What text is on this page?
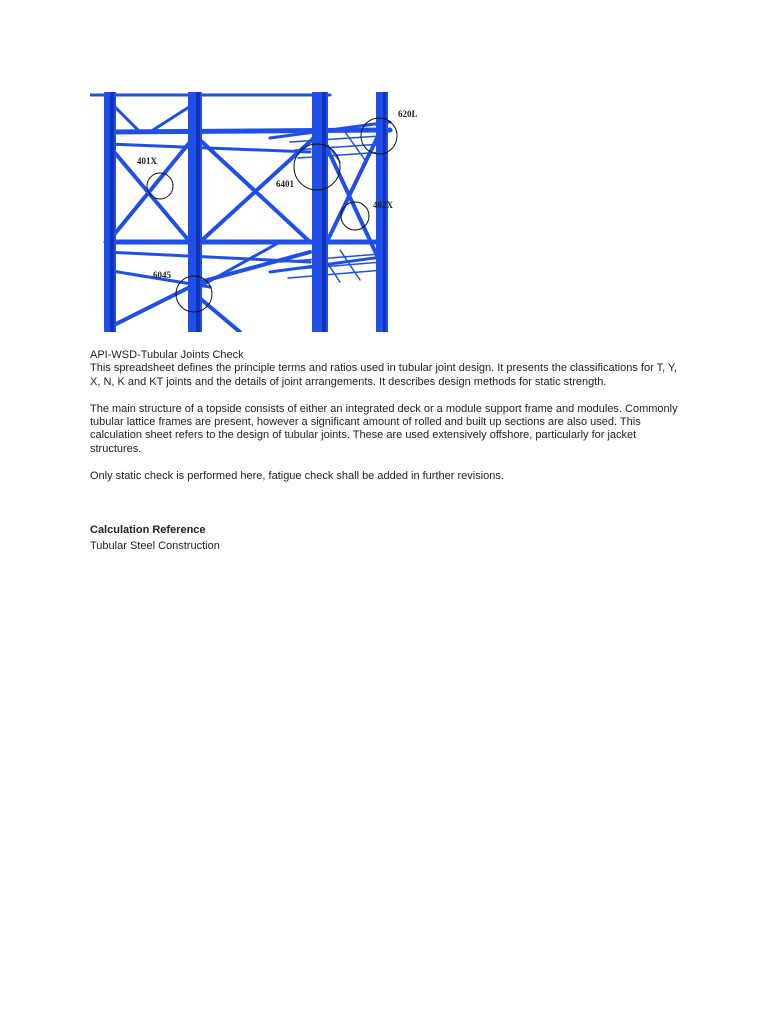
620L
401X
6401
402X
6045

API-WSD-Tubular Joints Check

This spreadsheet defines the principle terms and ratios used in tubular joint design. It presents the classifications for T, Y, X, N, K and KT joints and the details of joint arrangements. It describes design methods for static strength.

The main structure of a topside consists of either an integrated deck or a module support frame and modules. Commonly tubular lattice frames are present, however a significant amount of rolled and built up sections are also used. This calculation sheet refers to the design of tubular joints. These are used extensively offshore, particularly for jacket structures.

Only static check is performed here, fatigue check shall be added in further revisions.

Calculation Reference

Tubular Steel Construction
